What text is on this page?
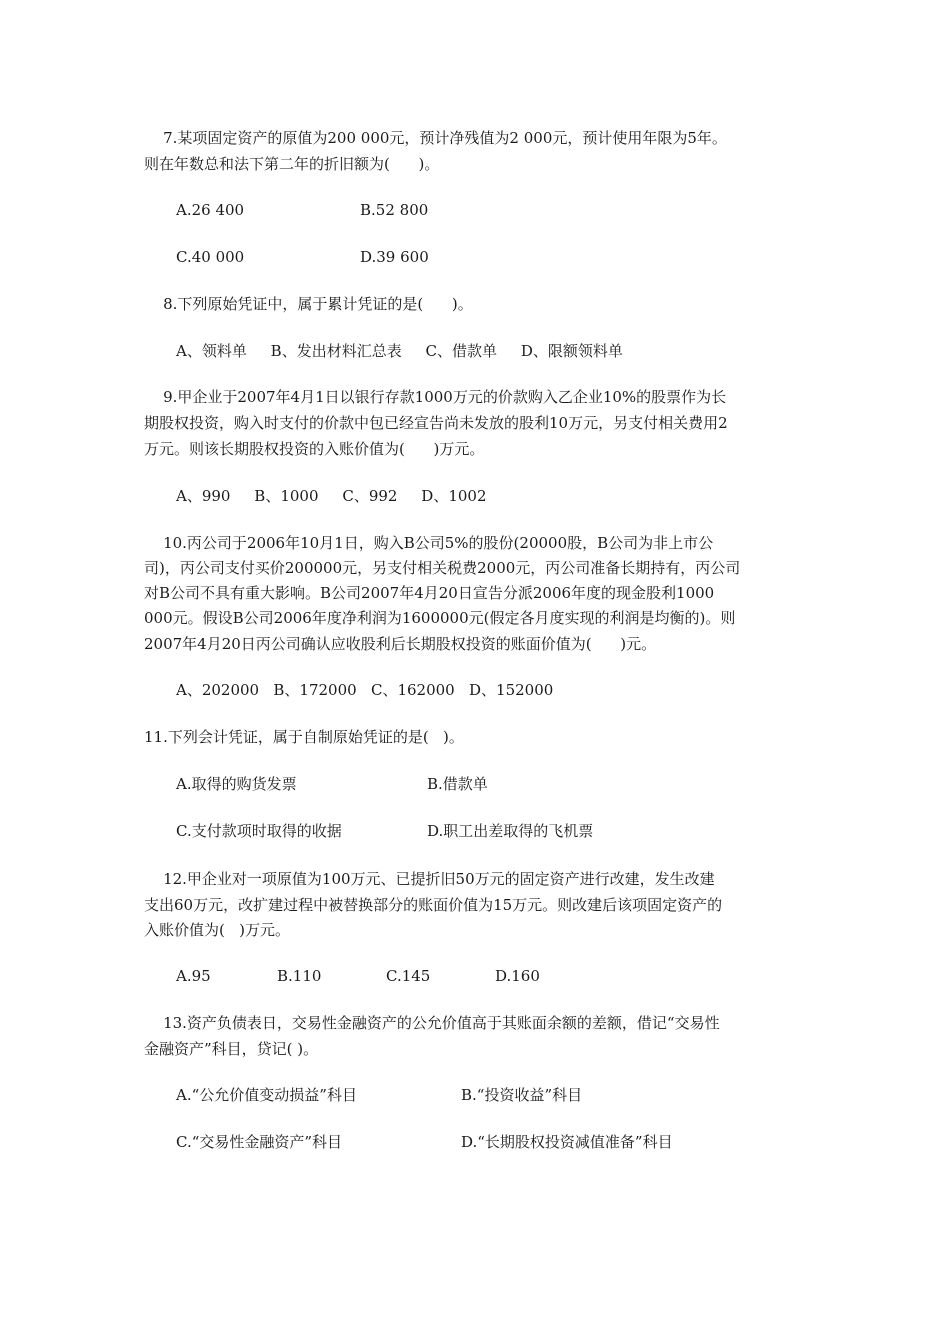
7.某项固定资产的原值为200 000元，预计净残值为2 000元，预计使用年限为5年。
则在年数总和法下第二年的折旧额为(      )。
A.26 400	B.52 800
C.40 000	D.39 600
8.下列原始凭证中，属于累计凭证的是(      )。
A、领料单     B、发出材料汇总表     C、借款单     D、限额领料单
9.甲企业于2007年4月1日以银行存款1000万元的价款购入乙企业10%的股票作为长
期股权投资，购入时支付的价款中包已经宣告尚未发放的股利10万元，另支付相关费用2
万元。则该长期股权投资的入账价值为(      )万元。
A、990     B、1000     C、992     D、1002
10.丙公司于2006年10月1日，购入B公司5%的股份(20000股，B公司为非上市公
司)，丙公司支付买价200000元，另支付相关税费2000元，丙公司准备长期持有，丙公司
对B公司不具有重大影响。B公司2007年4月20日宣告分派2006年度的现金股利1000
000元。假设B公司2006年度净利润为1600000元(假定各月度实现的利润是均衡的)。则
2007年4月20日丙公司确认应收股利后长期股权投资的账面价值为(      )元。
A、202000   B、172000   C、162000   D、152000
11.下列会计凭证，属于自制原始凭证的是(   )。
A.取得的购货发票	B.借款单
C.支付款项时取得的收据	D.职工出差取得的飞机票
12.甲企业对一项原值为100万元、已提折旧50万元的固定资产进行改建，发生改建
支出60万元，改扩建过程中被替换部分的账面价值为15万元。则改建后该项固定资产的
入账价值为(   )万元。
A.95	B.110	C.145	D.160
13.资产负债表日，交易性金融资产的公允价值高于其账面余额的差额，借记“交易性
金融资产”科目，贷记( )。
A.“公允价值变动损益”科目	B.“投资收益”科目
C.“交易性金融资产”科目	D.“长期股权投资减值准备”科目
